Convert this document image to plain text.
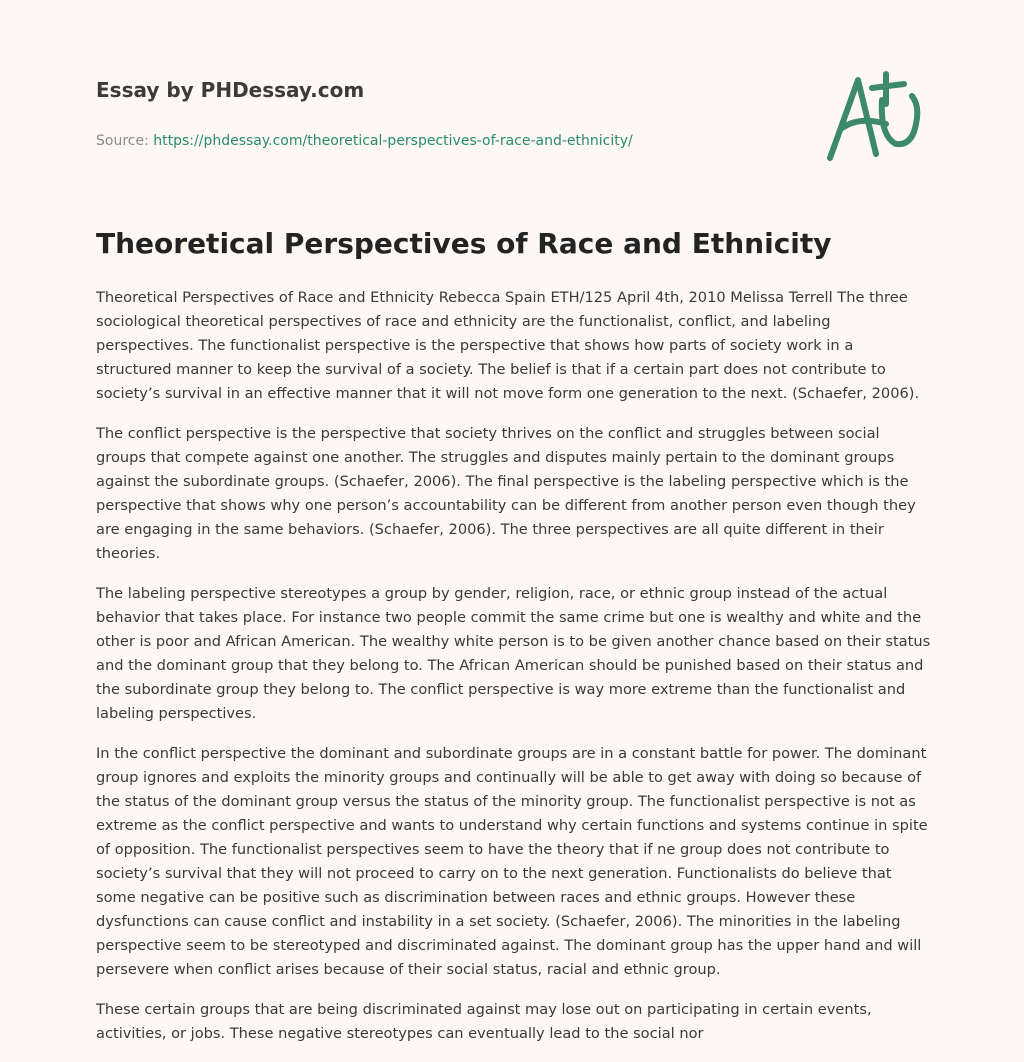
Essay by PHDessay.com
Source: https://phdessay.com/theoretical-perspectives-of-race-and-ethnicity/
Theoretical Perspectives of Race and Ethnicity

Theoretical Perspectives of Race and Ethnicity Rebecca Spain ETH/125 April 4th, 2010 Melissa Terrell The three sociological theoretical perspectives of race and ethnicity are the functionalist, conflict, and labeling perspectives. The functionalist perspective is the perspective that shows how parts of society work in a structured manner to keep the survival of a society. The belief is that if a certain part does not contribute to society’s survival in an effective manner that it will not move form one generation to the next. (Schaefer, 2006).

The conflict perspective is the perspective that society thrives on the conflict and struggles between social groups that compete against one another. The struggles and disputes mainly pertain to the dominant groups against the subordinate groups. (Schaefer, 2006). The final perspective is the labeling perspective which is the perspective that shows why one person’s accountability can be different from another person even though they are engaging in the same behaviors. (Schaefer, 2006). The three perspectives are all quite different in their theories.

The labeling perspective stereotypes a group by gender, religion, race, or ethnic group instead of the actual behavior that takes place. For instance two people commit the same crime but one is wealthy and white and the other is poor and African American. The wealthy white person is to be given another chance based on their status and the dominant group that they belong to. The African American should be punished based on their status and the subordinate group they belong to. The conflict perspective is way more extreme than the functionalist and labeling perspectives.

In the conflict perspective the dominant and subordinate groups are in a constant battle for power. The dominant group ignores and exploits the minority groups and continually will be able to get away with doing so because of the status of the dominant group versus the status of the minority group. The functionalist perspective is not as extreme as the conflict perspective and wants to understand why certain functions and systems continue in spite of opposition. The functionalist perspectives seem to have the theory that if ne group does not contribute to society’s survival that they will not proceed to carry on to the next generation. Functionalists do believe that some negative can be positive such as discrimination between races and ethnic groups. However these dysfunctions can cause conflict and instability in a set society. (Schaefer, 2006). The minorities in the labeling perspective seem to be stereotyped and discriminated against. The dominant group has the upper hand and will persevere when conflict arises because of their social status, racial and ethnic group.

These certain groups that are being discriminated against may lose out on participating in certain events, activities, or jobs. These negative stereotypes can eventually lead to the social nor
